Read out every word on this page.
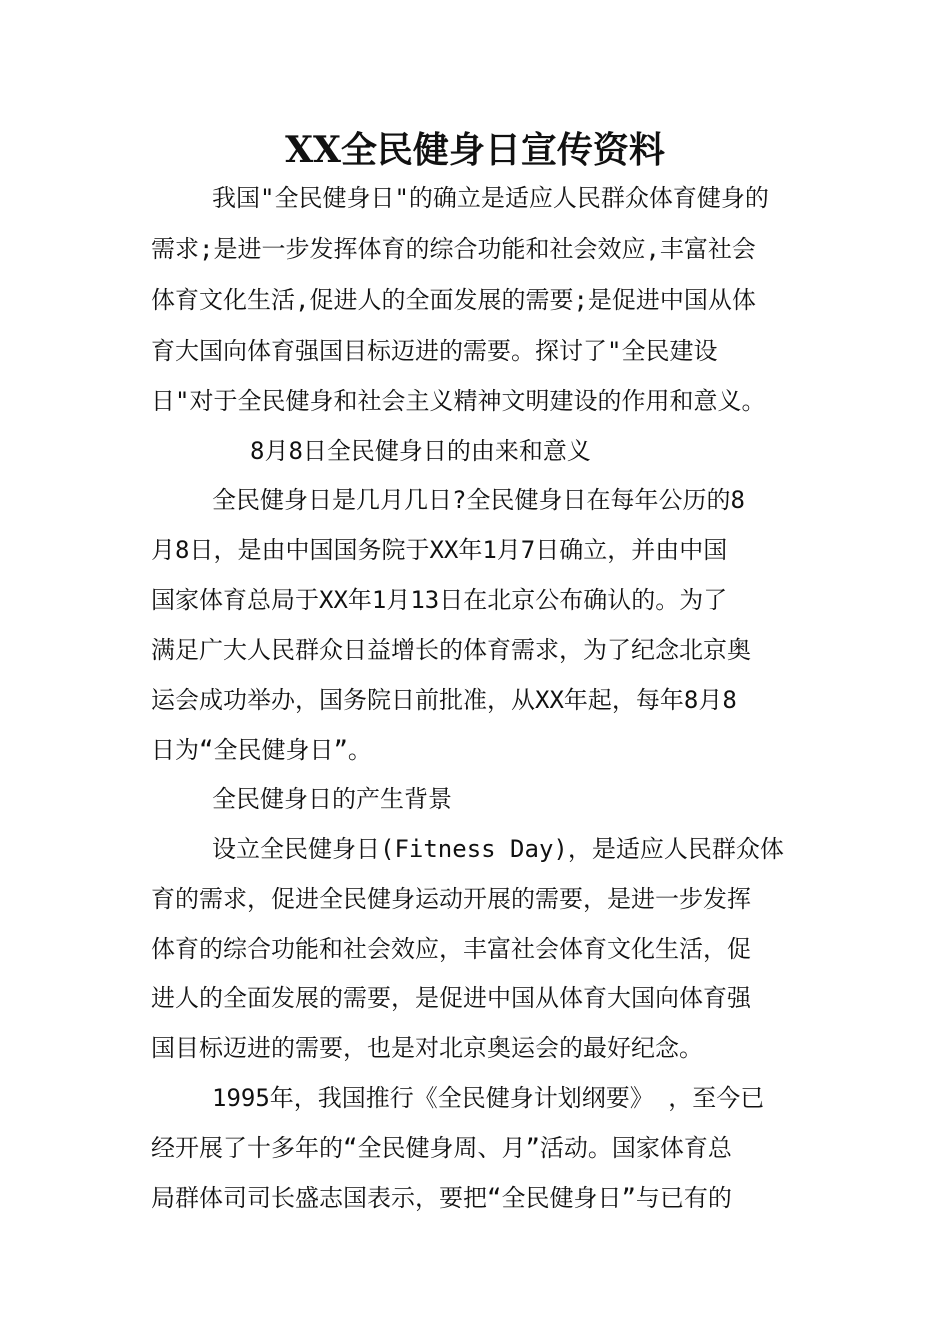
XX全民健身日宣传资料

我国"全民健身日"的确立是适应人民群众体育健身的

需求;是进一步发挥体育的综合功能和社会效应,丰富社会

体育文化生活,促进人的全面发展的需要;是促进中国从体

育大国向体育强国目标迈进的需要。探讨了"全民建设

日"对于全民健身和社会主义精神文明建设的作用和意义。

8月8日全民健身日的由来和意义

全民健身日是几月几日?全民健身日在每年公历的8

月8日，是由中国国务院于XX年1月7日确立，并由中国

国家体育总局于XX年1月13日在北京公布确认的。为了

满足广大人民群众日益增长的体育需求，为了纪念北京奥

运会成功举办，国务院日前批准，从XX年起，每年8月8

日为“全民健身日”。

全民健身日的产生背景

设立全民健身日(Fitness Day)，是适应人民群众体

育的需求，促进全民健身运动开展的需要，是进一步发挥

体育的综合功能和社会效应，丰富社会体育文化生活，促

进人的全面发展的需要，是促进中国从体育大国向体育强

国目标迈进的需要，也是对北京奥运会的最好纪念。

1995年，我国推行《全民健身计划纲要》 ，至今已

经开展了十多年的“全民健身周、月”活动。国家体育总

局群体司司长盛志国表示，要把“全民健身日”与已有的
